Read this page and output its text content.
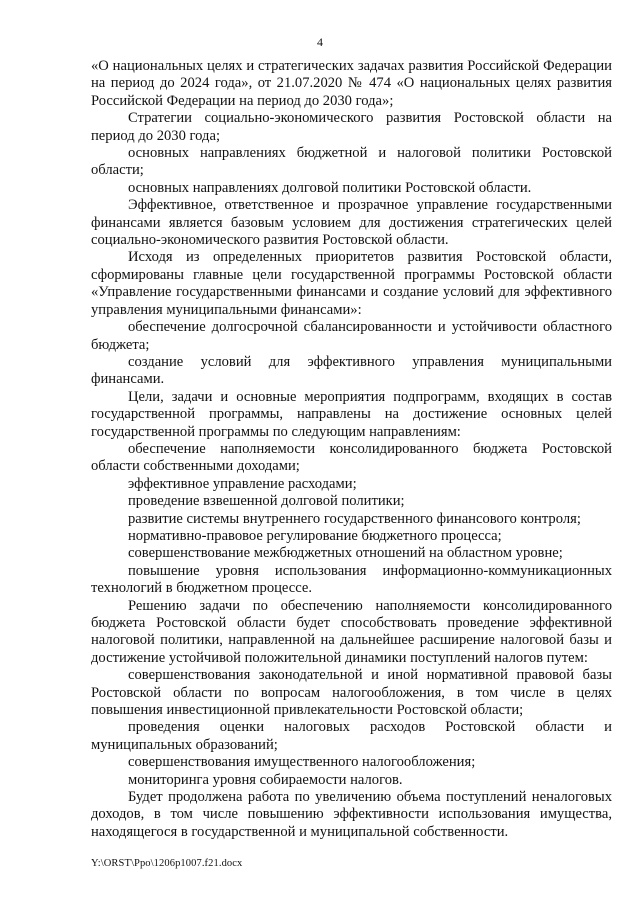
4

«О национальных целях и стратегических задачах развития Российской Федерации на период до 2024 года», от 21.07.2020 № 474 «О национальных целях развития Российской Федерации на период до 2030 года»;

Стратегии социально-экономического развития Ростовской области на период до 2030 года;

основных направлениях бюджетной и налоговой политики Ростовской области;

основных направлениях долговой политики Ростовской области.

Эффективное, ответственное и прозрачное управление государственными финансами является базовым условием для достижения стратегических целей социально-экономического развития Ростовской области.

Исходя из определенных приоритетов развития Ростовской области, сформированы главные цели государственной программы Ростовской области «Управление государственными финансами и создание условий для эффективного управления муниципальными финансами»:

обеспечение долгосрочной сбалансированности и устойчивости областного бюджета;

создание условий для эффективного управления муниципальными финансами.

Цели, задачи и основные мероприятия подпрограмм, входящих в состав государственной программы, направлены на достижение основных целей государственной программы по следующим направлениям:

обеспечение наполняемости консолидированного бюджета Ростовской области собственными доходами;

эффективное управление расходами;

проведение взвешенной долговой политики;

развитие системы внутреннего государственного финансового контроля;

нормативно-правовое регулирование бюджетного процесса;

совершенствование межбюджетных отношений на областном уровне;

повышение уровня использования информационно-коммуникационных технологий в бюджетном процессе.

Решению задачи по обеспечению наполняемости консолидированного бюджета Ростовской области будет способствовать проведение эффективной налоговой политики, направленной на дальнейшее расширение налоговой базы и достижение устойчивой положительной динамики поступлений налогов путем:

совершенствования законодательной и иной нормативной правовой базы Ростовской области по вопросам налогообложения, в том числе в целях повышения инвестиционной привлекательности Ростовской области;

проведения оценки налоговых расходов Ростовской области и муниципальных образований;

совершенствования имущественного налогообложения;

мониторинга уровня собираемости налогов.

Будет продолжена работа по увеличению объема поступлений неналоговых доходов, в том числе повышению эффективности использования имущества, находящегося в государственной и муниципальной собственности.

Y:\ORST\Ppo\1206p1007.f21.docx
